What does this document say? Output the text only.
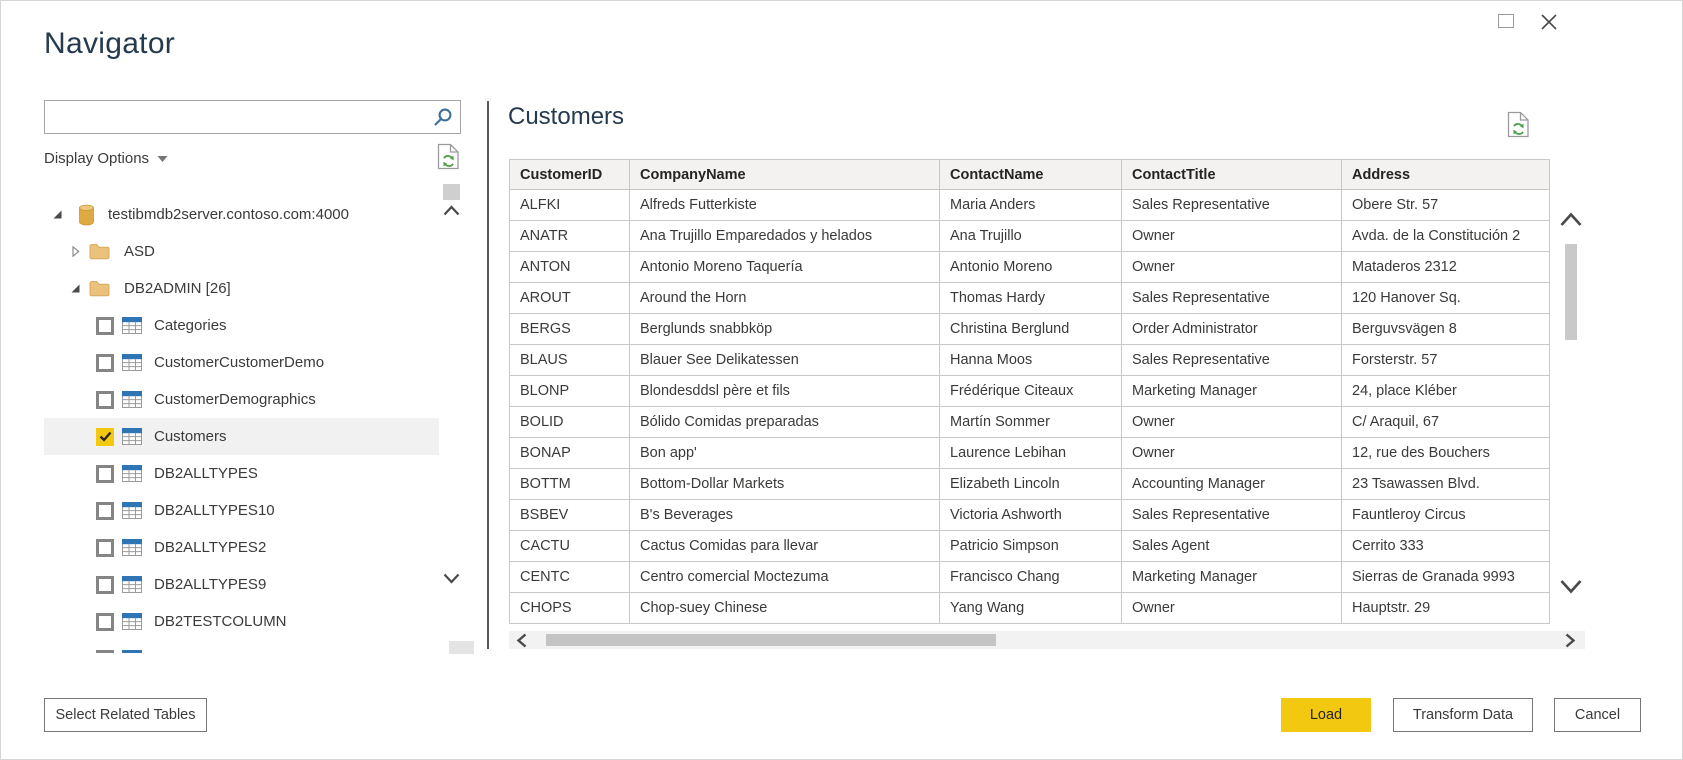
Navigator
Display Options
testibmdb2server.contoso.com:4000
ASD
DB2ADMIN [26]
Categories
CustomerCustomerDemo
CustomerDemographics
Customers
DB2ALLTYPES
DB2ALLTYPES10
DB2ALLTYPES2
DB2ALLTYPES9
DB2TESTCOLUMN
Customers
CustomerID	CompanyName	ContactName	ContactTitle	Address
ALFKI	Alfreds Futterkiste	Maria Anders	Sales Representative	Obere Str. 57
ANATR	Ana Trujillo Emparedados y helados	Ana Trujillo	Owner	Avda. de la Constitución 2
ANTON	Antonio Moreno Taquería	Antonio Moreno	Owner	Mataderos 2312
AROUT	Around the Horn	Thomas Hardy	Sales Representative	120 Hanover Sq.
BERGS	Berglunds snabbköp	Christina Berglund	Order Administrator	Berguvsvägen 8
BLAUS	Blauer See Delikatessen	Hanna Moos	Sales Representative	Forsterstr. 57
BLONP	Blondesddsl père et fils	Frédérique Citeaux	Marketing Manager	24, place Kléber
BOLID	Bólido Comidas preparadas	Martín Sommer	Owner	C/ Araquil, 67
BONAP	Bon app'	Laurence Lebihan	Owner	12, rue des Bouchers
BOTTM	Bottom-Dollar Markets	Elizabeth Lincoln	Accounting Manager	23 Tsawassen Blvd.
BSBEV	B's Beverages	Victoria Ashworth	Sales Representative	Fauntleroy Circus
CACTU	Cactus Comidas para llevar	Patricio Simpson	Sales Agent	Cerrito 333
CENTC	Centro comercial Moctezuma	Francisco Chang	Marketing Manager	Sierras de Granada 9993
CHOPS	Chop-suey Chinese	Yang Wang	Owner	Hauptstr. 29
Select Related Tables	Load	Transform Data	Cancel
